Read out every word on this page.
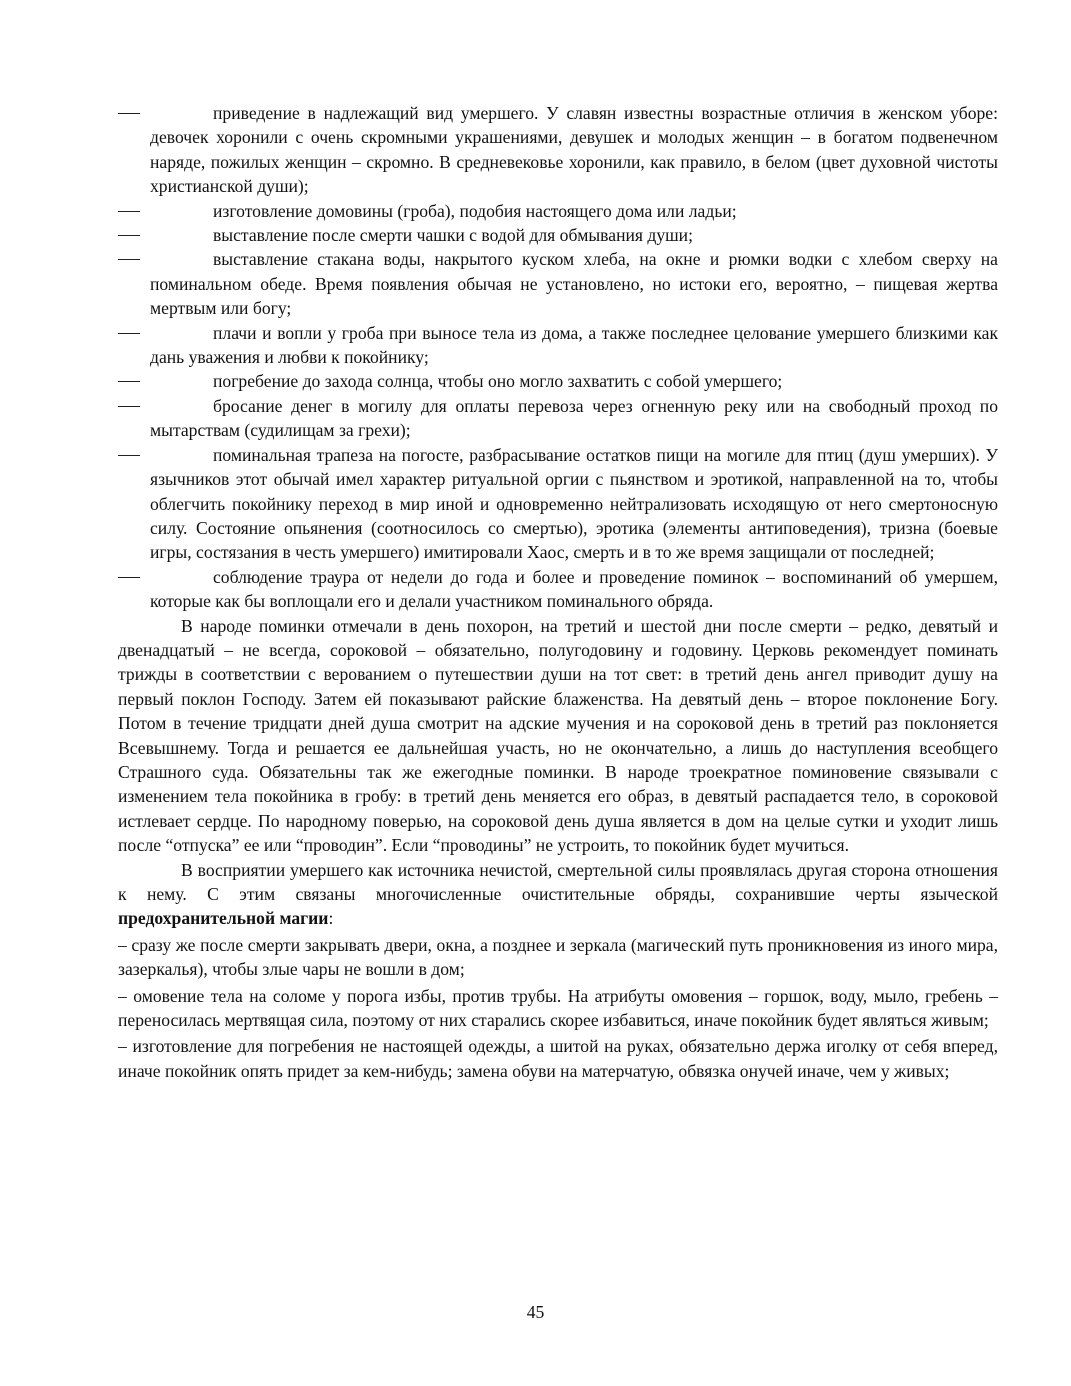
приведение в надлежащий вид умершего. У славян известны возрастные отличия в женском уборе: девочек хоронили с очень скромными украшениями, девушек и молодых женщин – в богатом подвенечном наряде, пожилых женщин – скромно. В средневековье хоронили, как правило, в белом (цвет духовной чистоты христианской души);

изготовление домовины (гроба), подобия настоящего дома или ладьи;

выставление после смерти чашки с водой для обмывания души;

выставление стакана воды, накрытого куском хлеба, на окне и рюмки водки с хлебом сверху на поминальном обеде. Время появления обычая не установлено, но истоки его, вероятно, – пищевая жертва мертвым или богу;

плачи и вопли у гроба при выносе тела из дома, а также последнее целование умершего близкими как дань уважения и любви к покойнику;

погребение до захода солнца, чтобы оно могло захватить с собой умершего;

бросание денег в могилу для оплаты перевоза через огненную реку или на свободный проход по мытарствам (судилищам за грехи);

поминальная трапеза на погосте, разбрасывание остатков пищи на могиле для птиц (душ умерших). У язычников этот обычай имел характер ритуальной оргии с пьянством и эротикой, направленной на то, чтобы облегчить покойнику переход в мир иной и одновременно нейтрализовать исходящую от него смертоносную силу. Состояние опьянения (соотносилось со смертью), эротика (элементы антиповедения), тризна (боевые игры, состязания в честь умершего) имитировали Хаос, смерть и в то же время защищали от последней;

соблюдение траура от недели до года и более и проведение поминок – воспоминаний об умершем, которые как бы воплощали его и делали участником поминального обряда.

В народе поминки отмечали в день похорон, на третий и шестой дни после смерти – редко, девятый и двенадцатый – не всегда, сороковой – обязательно, полугодовину и годовину. Церковь рекомендует поминать трижды в соответствии с верованием о путешествии души на тот свет: в третий день ангел приводит душу на первый поклон Господу. Затем ей показывают райские блаженства. На девятый день – второе поклонение Богу. Потом в течение тридцати дней душа смотрит на адские мучения и на сороковой день в третий раз поклоняется Всевышнему. Тогда и решается ее дальнейшая участь, но не окончательно, а лишь до наступления всеобщего Страшного суда. Обязательны так же ежегодные поминки. В народе троекратное поминовение связывали с изменением тела покойника в гробу: в третий день меняется его образ, в девятый распадается тело, в сороковой истлевает сердце. По народному поверью, на сороковой день душа является в дом на целые сутки и уходит лишь после “отпуска” ее или “проводин”. Если “проводины” не устроить, то покойник будет мучиться.

В восприятии умершего как источника нечистой, смертельной силы проявлялась другая сторона отношения к нему. С этим связаны многочисленные очистительные обряды, сохранившие черты языческой предохранительной магии:

– сразу же после смерти закрывать двери, окна, а позднее и зеркала (магический путь проникновения из иного мира, зазеркалья), чтобы злые чары не вошли в дом;

– омовение тела на соломе у порога избы, против трубы. На атрибуты омовения – горшок, воду, мыло, гребень – переносилась мертвящая сила, поэтому от них старались скорее избавиться, иначе покойник будет являться живым;

– изготовление для погребения не настоящей одежды, а шитой на руках, обязательно держа иголку от себя вперед, иначе покойник опять придет за кем-нибудь; замена обуви на матерчатую, обвязка онучей иначе, чем у живых;

45
